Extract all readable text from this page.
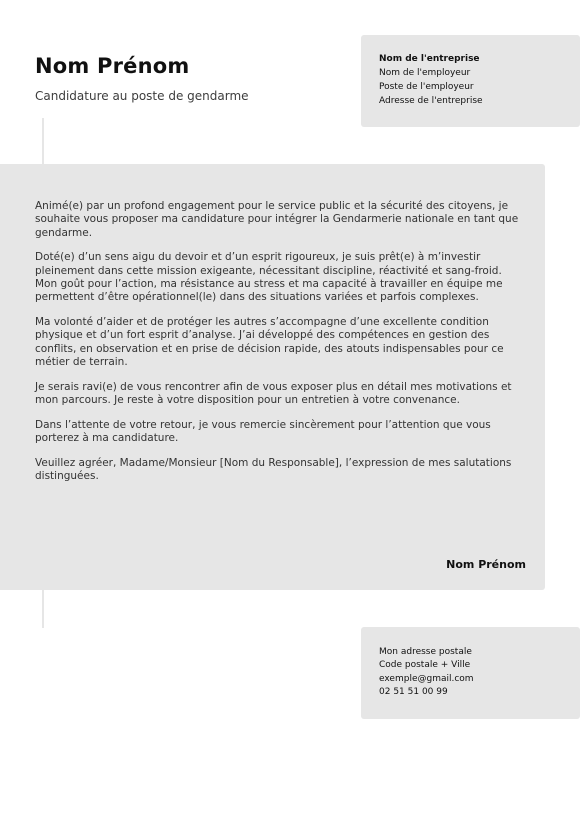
Nom Prénom

Candidature au poste de gendarme

Nom de l'entreprise
Nom de l'employeur
Poste de l'employeur
Adresse de l'entreprise

Animé(e) par un profond engagement pour le service public et la sécurité des citoyens, je souhaite vous proposer ma candidature pour intégrer la Gendarmerie nationale en tant que gendarme.

Doté(e) d’un sens aigu du devoir et d’un esprit rigoureux, je suis prêt(e) à m’investir pleinement dans cette mission exigeante, nécessitant discipline, réactivité et sang-froid. Mon goût pour l’action, ma résistance au stress et ma capacité à travailler en équipe me permettent d’être opérationnel(le) dans des situations variées et parfois complexes.

Ma volonté d’aider et de protéger les autres s’accompagne d’une excellente condition physique et d’un fort esprit d’analyse. J’ai développé des compétences en gestion des conflits, en observation et en prise de décision rapide, des atouts indispensables pour ce métier de terrain.

Je serais ravi(e) de vous rencontrer afin de vous exposer plus en détail mes motivations et mon parcours. Je reste à votre disposition pour un entretien à votre convenance.

Dans l’attente de votre retour, je vous remercie sincèrement pour l’attention que vous porterez à ma candidature.

Veuillez agréer, Madame/Monsieur [Nom du Responsable], l’expression de mes salutations distinguées.

Nom Prénom
Mon adresse postale
Code postale + Ville
exemple@gmail.com
02 51 51 00 99
